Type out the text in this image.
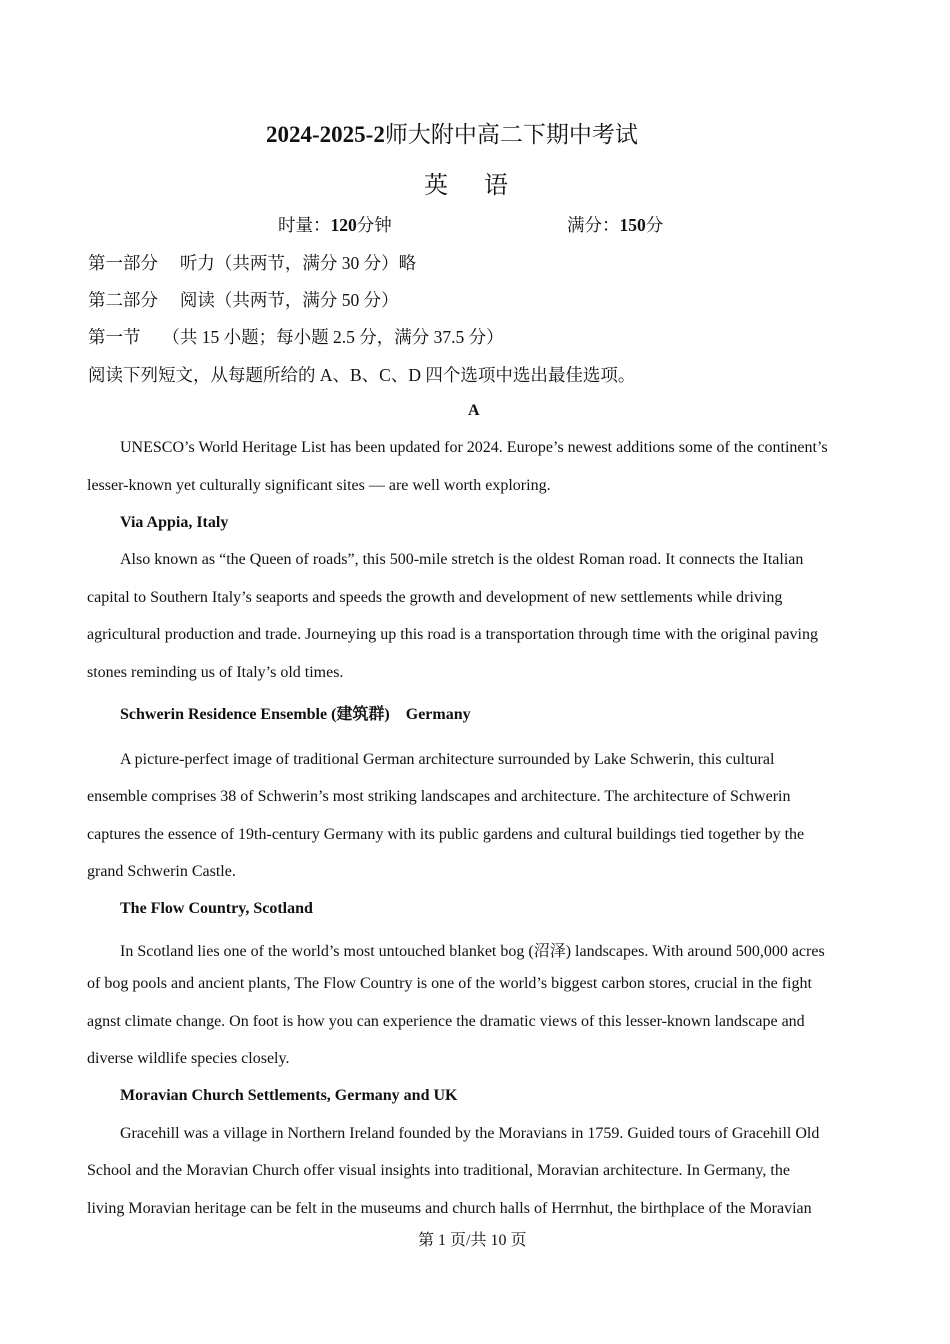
2024-2025-2师大附中高二下期中考试
英语
时量：120分钟	满分：150分
第一部分　 听力（共两节，满分 30 分）略
第二部分　 阅读（共两节，满分 50 分）
第一节　 （共 15 小题；每小题 2.5 分，满分 37.5 分）
阅读下列短文，从每题所给的 A、B、C、D 四个选项中选出最佳选项。
A
UNESCO’s World Heritage List has been updated for 2024. Europe’s newest additions some of the continent’s
lesser-known yet culturally significant sites — are well worth exploring.
Via Appia, Italy
Also known as “the Queen of roads”, this 500-mile stretch is the oldest Roman road. It connects the Italian
capital to Southern Italy’s seaports and speeds the growth and development of new settlements while driving
agricultural production and trade. Journeying up this road is a transportation through time with the original paving
stones reminding us of Italy’s old times.
Schwerin Residence Ensemble (建筑群)　Germany
A picture-perfect image of traditional German architecture surrounded by Lake Schwerin, this cultural
ensemble comprises 38 of Schwerin’s most striking landscapes and architecture. The architecture of Schwerin
captures the essence of 19th-century Germany with its public gardens and cultural buildings tied together by the
grand Schwerin Castle.
The Flow Country, Scotland
In Scotland lies one of the world’s most untouched blanket bog (沼泽) landscapes. With around 500,000 acres
of bog pools and ancient plants, The Flow Country is one of the world’s biggest carbon stores, crucial in the fight
agnst climate change. On foot is how you can experience the dramatic views of this lesser-known landscape and
diverse wildlife species closely.
Moravian Church Settlements, Germany and UK
Gracehill was a village in Northern Ireland founded by the Moravians in 1759. Guided tours of Gracehill Old
School and the Moravian Church offer visual insights into traditional, Moravian architecture. In Germany, the
living Moravian heritage can be felt in the museums and church halls of Herrnhut, the birthplace of the Moravian
第 1 页/共 10 页
